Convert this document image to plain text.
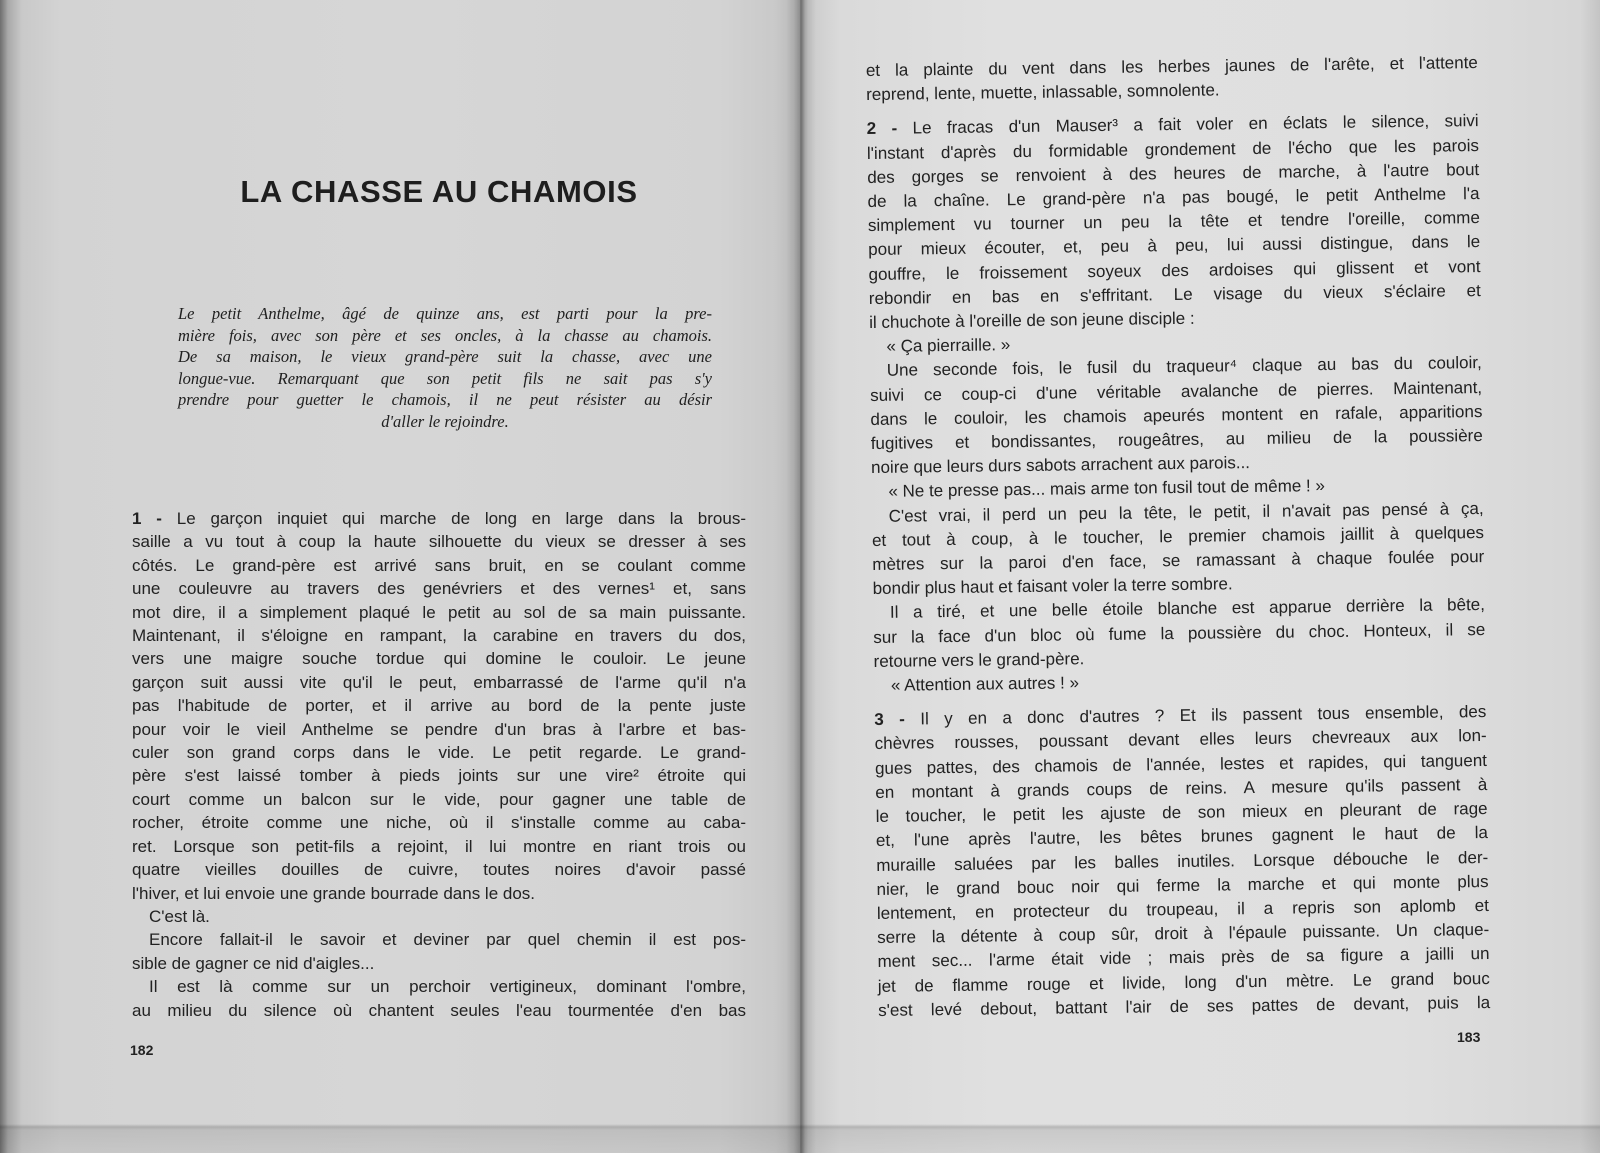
LA CHASSE AU CHAMOIS
Le petit Anthelme, âgé de quinze ans, est parti pour la pre-
mière fois, avec son père et ses oncles, à la chasse au chamois.
De sa maison, le vieux grand-père suit la chasse, avec une
longue-vue. Remarquant que son petit fils ne sait pas s'y
prendre pour guetter le chamois, il ne peut résister au désir
d'aller le rejoindre.
1 - Le garçon inquiet qui marche de long en large dans la brous-
saille a vu tout à coup la haute silhouette du vieux se dresser à ses
côtés. Le grand-père est arrivé sans bruit, en se coulant comme
une couleuvre au travers des genévriers et des vernes¹ et, sans
mot dire, il a simplement plaqué le petit au sol de sa main puissante.
Maintenant, il s'éloigne en rampant, la carabine en travers du dos,
vers une maigre souche tordue qui domine le couloir. Le jeune
garçon suit aussi vite qu'il le peut, embarrassé de l'arme qu'il n'a
pas l'habitude de porter, et il arrive au bord de la pente juste
pour voir le vieil Anthelme se pendre d'un bras à l'arbre et bas-
culer son grand corps dans le vide. Le petit regarde. Le grand-
père s'est laissé tomber à pieds joints sur une vire² étroite qui
court comme un balcon sur le vide, pour gagner une table de
rocher, étroite comme une niche, où il s'installe comme au caba-
ret. Lorsque son petit-fils a rejoint, il lui montre en riant trois ou
quatre vieilles douilles de cuivre, toutes noires d'avoir passé
l'hiver, et lui envoie une grande bourrade dans le dos.
C'est là.
Encore fallait-il le savoir et deviner par quel chemin il est pos-
sible de gagner ce nid d'aigles...
Il est là comme sur un perchoir vertigineux, dominant l'ombre,
au milieu du silence où chantent seules l'eau tourmentée d'en bas
182
et la plainte du vent dans les herbes jaunes de l'arête, et l'attente
reprend, lente, muette, inlassable, somnolente.
2 - Le fracas d'un Mauser³ a fait voler en éclats le silence, suivi
l'instant d'après du formidable grondement de l'écho que les parois
des gorges se renvoient à des heures de marche, à l'autre bout
de la chaîne. Le grand-père n'a pas bougé, le petit Anthelme l'a
simplement vu tourner un peu la tête et tendre l'oreille, comme
pour mieux écouter, et, peu à peu, lui aussi distingue, dans le
gouffre, le froissement soyeux des ardoises qui glissent et vont
rebondir en bas en s'effritant. Le visage du vieux s'éclaire et
il chuchote à l'oreille de son jeune disciple :
« Ça pierraille. »
Une seconde fois, le fusil du traqueur⁴ claque au bas du couloir,
suivi ce coup-ci d'une véritable avalanche de pierres. Maintenant,
dans le couloir, les chamois apeurés montent en rafale, apparitions
fugitives et bondissantes, rougeâtres, au milieu de la poussière
noire que leurs durs sabots arrachent aux parois...
« Ne te presse pas... mais arme ton fusil tout de même ! »
C'est vrai, il perd un peu la tête, le petit, il n'avait pas pensé à ça,
et tout à coup, à le toucher, le premier chamois jaillit à quelques
mètres sur la paroi d'en face, se ramassant à chaque foulée pour
bondir plus haut et faisant voler la terre sombre.
Il a tiré, et une belle étoile blanche est apparue derrière la bête,
sur la face d'un bloc où fume la poussière du choc. Honteux, il se
retourne vers le grand-père.
« Attention aux autres ! »
3 - Il y en a donc d'autres ? Et ils passent tous ensemble, des
chèvres rousses, poussant devant elles leurs chevreaux aux lon-
gues pattes, des chamois de l'année, lestes et rapides, qui tanguent
en montant à grands coups de reins. A mesure qu'ils passent à
le toucher, le petit les ajuste de son mieux en pleurant de rage
et, l'une après l'autre, les bêtes brunes gagnent le haut de la
muraille saluées par les balles inutiles. Lorsque débouche le der-
nier, le grand bouc noir qui ferme la marche et qui monte plus
lentement, en protecteur du troupeau, il a repris son aplomb et
serre la détente à coup sûr, droit à l'épaule puissante. Un claque-
ment sec... l'arme était vide ; mais près de sa figure a jailli un
jet de flamme rouge et livide, long d'un mètre. Le grand bouc
s'est levé debout, battant l'air de ses pattes de devant, puis la
183
